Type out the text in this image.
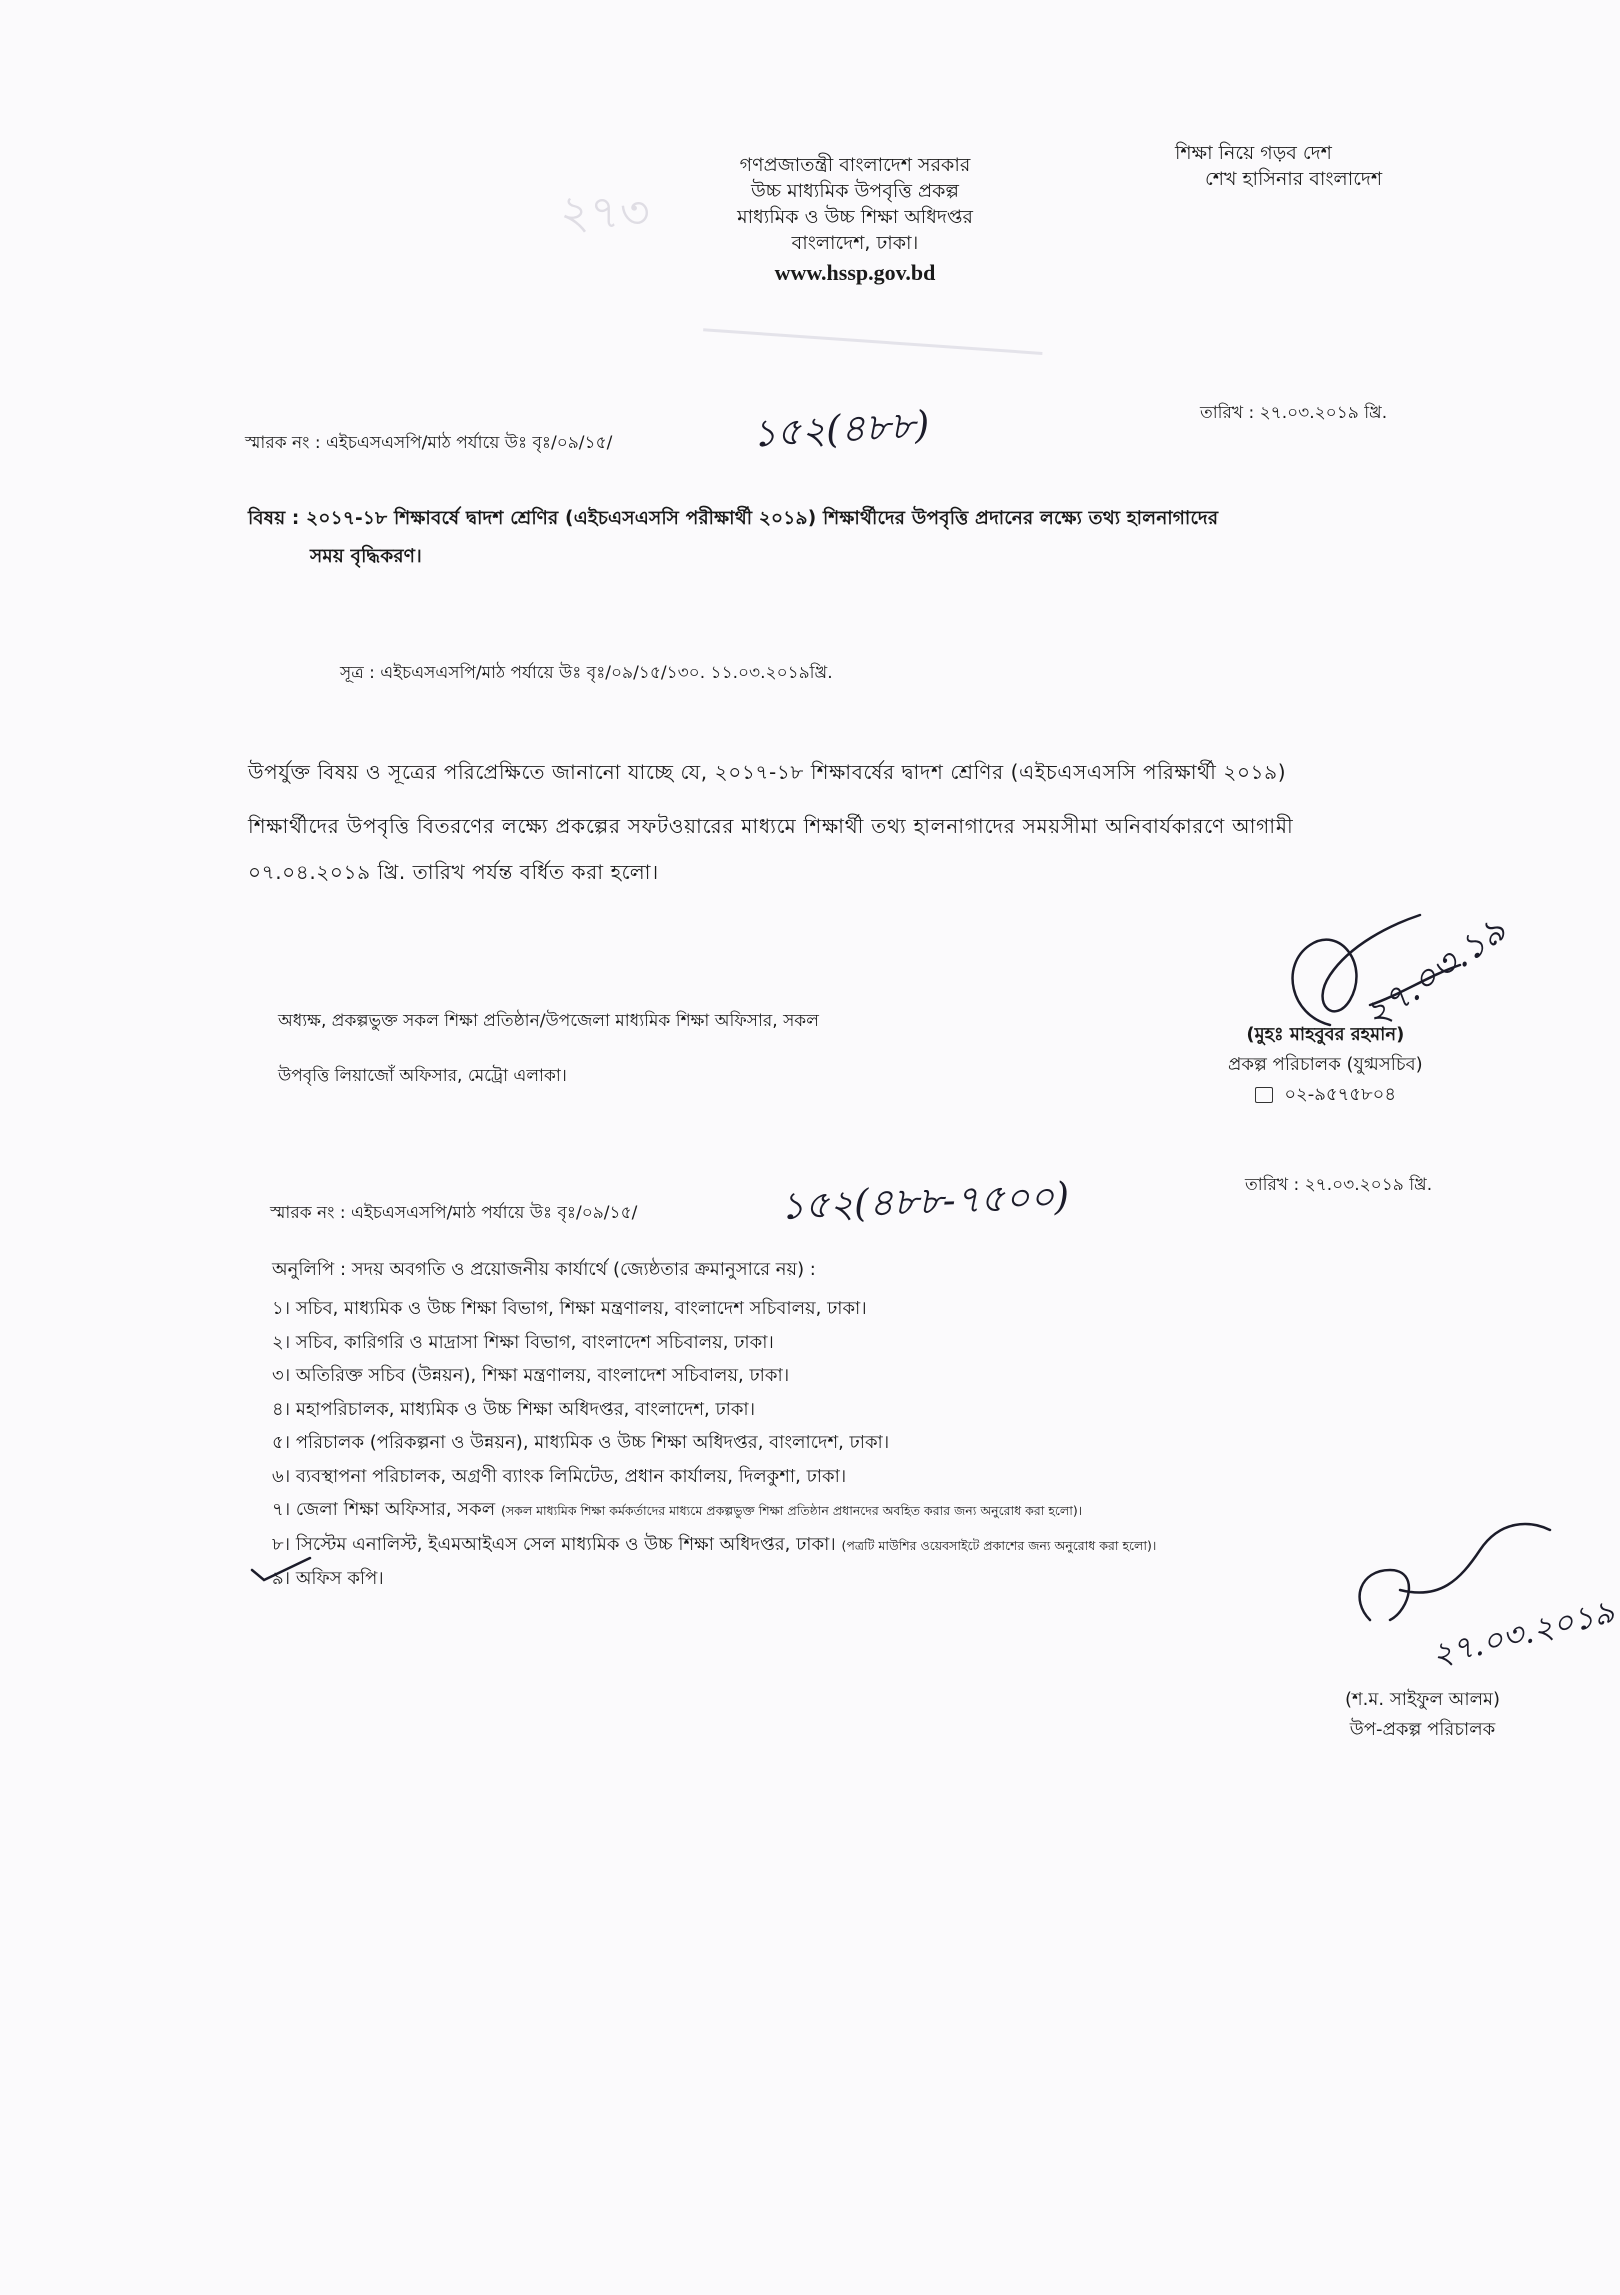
২৭৩
গণপ্রজাতন্ত্রী বাংলাদেশ সরকার
উচ্চ মাধ্যমিক উপবৃত্তি প্রকল্প
মাধ্যমিক ও উচ্চ শিক্ষা অধিদপ্তর
বাংলাদেশ, ঢাকা।
www.hssp.gov.bd
শিক্ষা নিয়ে গড়ব দেশ
শেখ হাসিনার বাংলাদেশ
স্মারক নং : এইচএসএসপি/মাঠ পর্যায়ে উঃ বৃঃ/০৯/১৫/	১৫২(৪৮৮)	তারিখ : ২৭.০৩.২০১৯ খ্রি.
বিষয় : ২০১৭-১৮ শিক্ষাবর্ষে দ্বাদশ শ্রেণির (এইচএসএসসি পরীক্ষার্থী ২০১৯) শিক্ষার্থীদের উপবৃত্তি প্রদানের লক্ষ্যে তথ্য হালনাগাদের
সময় বৃদ্ধিকরণ।
সূত্র : এইচএসএসপি/মাঠ পর্যায়ে উঃ বৃঃ/০৯/১৫/১৩০. ১১.০৩.২০১৯খ্রি.
উপর্যুক্ত বিষয় ও সূত্রের পরিপ্রেক্ষিতে জানানো যাচ্ছে যে, ২০১৭-১৮ শিক্ষাবর্ষের দ্বাদশ শ্রেণির (এইচএসএসসি পরিক্ষার্থী ২০১৯)
শিক্ষার্থীদের উপবৃত্তি বিতরণের লক্ষ্যে প্রকল্পের সফটওয়ারের মাধ্যমে শিক্ষার্থী তথ্য হালনাগাদের সময়সীমা অনিবার্যকারণে আগামী
০৭.০৪.২০১৯ খ্রি. তারিখ পর্যন্ত বর্ধিত করা হলো।
অধ্যক্ষ, প্রকল্পভুক্ত সকল শিক্ষা প্রতিষ্ঠান/উপজেলা মাধ্যমিক শিক্ষা অফিসার, সকল
উপবৃত্তি লিয়াজোঁ অফিসার, মেট্রো এলাকা।
২৭.০৩.১৯
(মুহঃ মাহবুবর রহমান)
প্রকল্প পরিচালক (যুগ্মসচিব)
০২-৯৫৭৫৮০৪
স্মারক নং : এইচএসএসপি/মাঠ পর্যায়ে উঃ বৃঃ/০৯/১৫/	১৫২(৪৮৮-৭৫০০)	তারিখ : ২৭.০৩.২০১৯ খ্রি.
অনুলিপি : সদয় অবগতি ও প্রয়োজনীয় কার্যার্থে (জ্যেষ্ঠতার ক্রমানুসারে নয়) :
১। সচিব, মাধ্যমিক ও উচ্চ শিক্ষা বিভাগ, শিক্ষা মন্ত্রণালয়, বাংলাদেশ সচিবালয়, ঢাকা।
২। সচিব, কারিগরি ও মাদ্রাসা শিক্ষা বিভাগ, বাংলাদেশ সচিবালয়, ঢাকা।
৩। অতিরিক্ত সচিব (উন্নয়ন), শিক্ষা মন্ত্রণালয়, বাংলাদেশ সচিবালয়, ঢাকা।
৪। মহাপরিচালক, মাধ্যমিক ও উচ্চ শিক্ষা অধিদপ্তর, বাংলাদেশ, ঢাকা।
৫। পরিচালক (পরিকল্পনা ও উন্নয়ন), মাধ্যমিক ও উচ্চ শিক্ষা অধিদপ্তর, বাংলাদেশ, ঢাকা।
৬। ব্যবস্থাপনা পরিচালক, অগ্রণী ব্যাংক লিমিটেড, প্রধান কার্যালয়, দিলকুশা, ঢাকা।
৭। জেলা শিক্ষা অফিসার, সকল (সকল মাধ্যমিক শিক্ষা কর্মকর্তাদের মাধ্যমে প্রকল্পভুক্ত শিক্ষা প্রতিষ্ঠান প্রধানদের অবহিত করার জন্য অনুরোধ করা হলো)।
৮। সিস্টেম এনালিস্ট, ইএমআইএস সেল মাধ্যমিক ও উচ্চ শিক্ষা অধিদপ্তর, ঢাকা। (পত্রটি মাউশির ওয়েবসাইটে প্রকাশের জন্য অনুরোধ করা হলো)।
৯। অফিস কপি।
২৭.০৩.২০১৯
(শ.ম. সাইফুল আলম)
উপ-প্রকল্প পরিচালক
